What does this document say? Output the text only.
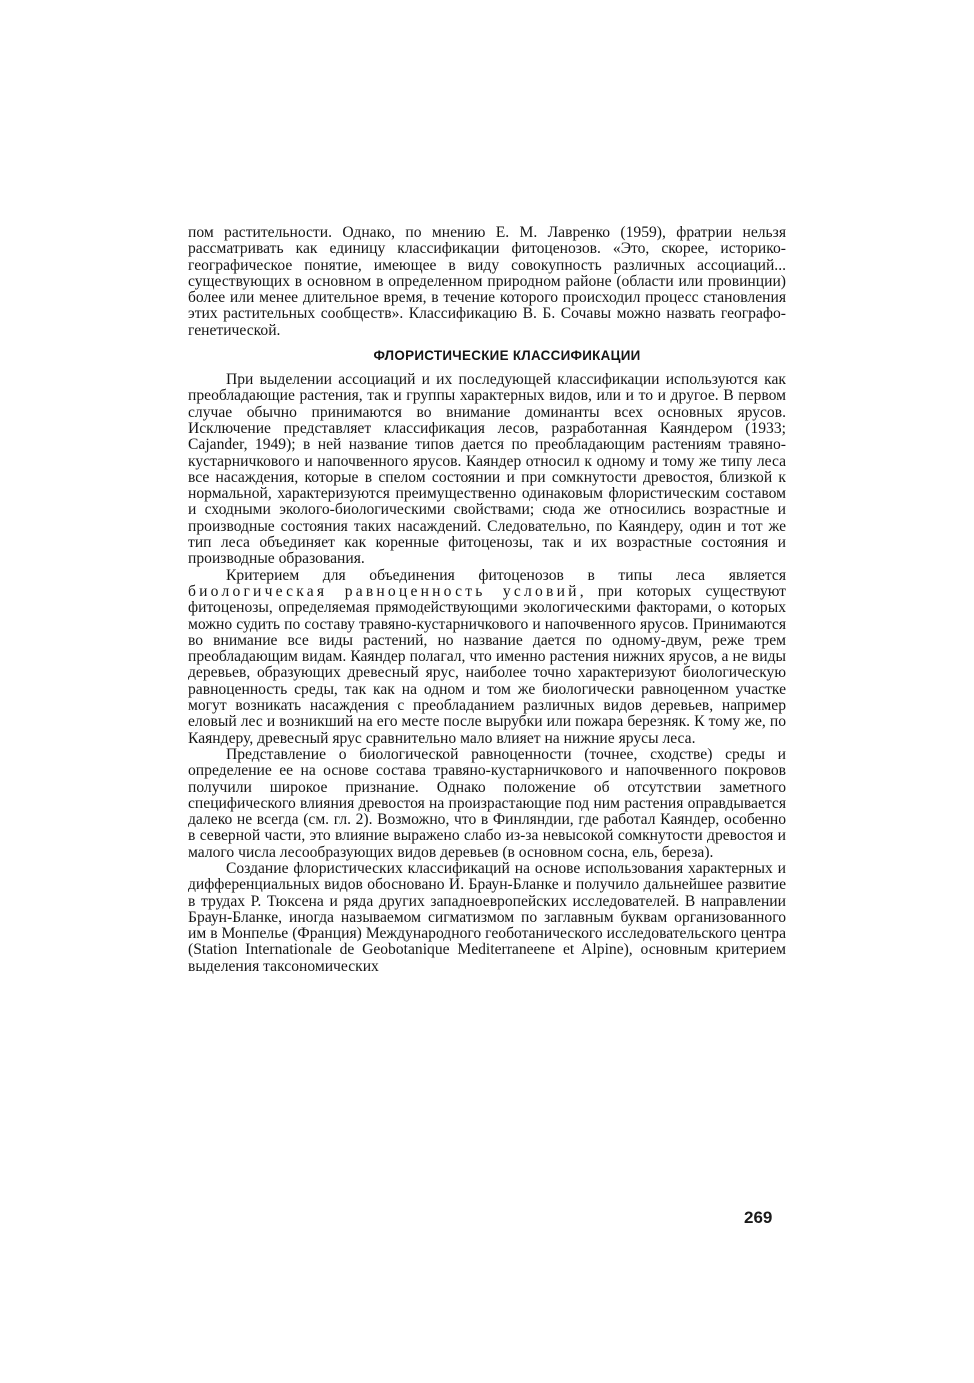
пом растительности. Однако, по мнению Е. М. Лавренко (1959), фратрии нельзя рассматривать как единицу классификации фитоценозов. «Это, скорее, историко-географическое понятие, имеющее в виду совокупность различных ассоциаций... существующих в основном в определенном природном районе (области или провинции) более или менее длительное время, в течение которого происходил процесс становления этих растительных сообществ». Классификацию В. Б. Сочавы можно назвать географо-генетической.

ФЛОРИСТИЧЕСКИЕ КЛАССИФИКАЦИИ

При выделении ассоциаций и их последующей классификации используются как преобладающие растения, так и группы характерных видов, или и то и другое. В первом случае обычно принимаются во внимание доминанты всех основных ярусов. Исключение представляет классификация лесов, разработанная Каяндером (1933; Cajander, 1949); в ней название типов дается по преобладающим растениям травяно-кустарничкового и напочвенного ярусов. Каяндер относил к одному и тому же типу леса все насаждения, которые в спелом состоянии и при сомкнутости древостоя, близкой к нормальной, характеризуются преимущественно одинаковым флористическим составом и сходными эколого-биологическими свойствами; сюда же относились возрастные и производные состояния таких насаждений. Следовательно, по Каяндеру, один и тот же тип леса объединяет как коренные фитоценозы, так и их возрастные состояния и производные образования.

Критерием для объединения фитоценозов в типы леса является биологическая равноценность условий, при которых существуют фитоценозы, определяемая прямодействующими экологическими факторами, о которых можно судить по составу травяно-кустарничкового и напочвенного ярусов. Принимаются во внимание все виды растений, но название дается по одному-двум, реже трем преобладающим видам. Каяндер полагал, что именно растения нижних ярусов, а не виды деревьев, образующих древесный ярус, наиболее точно характеризуют биологическую равноценность среды, так как на одном и том же биологически равноценном участке могут возникать насаждения с преобладанием различных видов деревьев, например еловый лес и возникший на его месте после вырубки или пожара березняк. К тому же, по Каяндеру, древесный ярус сравнительно мало влияет на нижние ярусы леса.

Представление о биологической равноценности (точнее, сходстве) среды и определение ее на основе состава травяно-кустарничкового и напочвенного покровов получили широкое признание. Однако положение об отсутствии заметного специфического влияния древостоя на произрастающие под ним растения оправдывается далеко не всегда (см. гл. 2). Возможно, что в Финляндии, где работал Каяндер, особенно в северной части, это влияние выражено слабо из-за невысокой сомкнутости древостоя и малого числа лесообразующих видов деревьев (в основном сосна, ель, береза).

Создание флористических классификаций на основе использования характерных и дифференциальных видов обосновано И. Браун-Бланке и получило дальнейшее развитие в трудах Р. Тюксена и ряда других западноевропейских исследователей. В направлении Браун-Бланке, иногда называемом сигматизмом по заглавным буквам организованного им в Монпелье (Франция) Международного геоботанического исследовательского центра (Station Internationale de Geobotanique Mediterranеene et Alpine), основным критерием выделения таксономических

269
